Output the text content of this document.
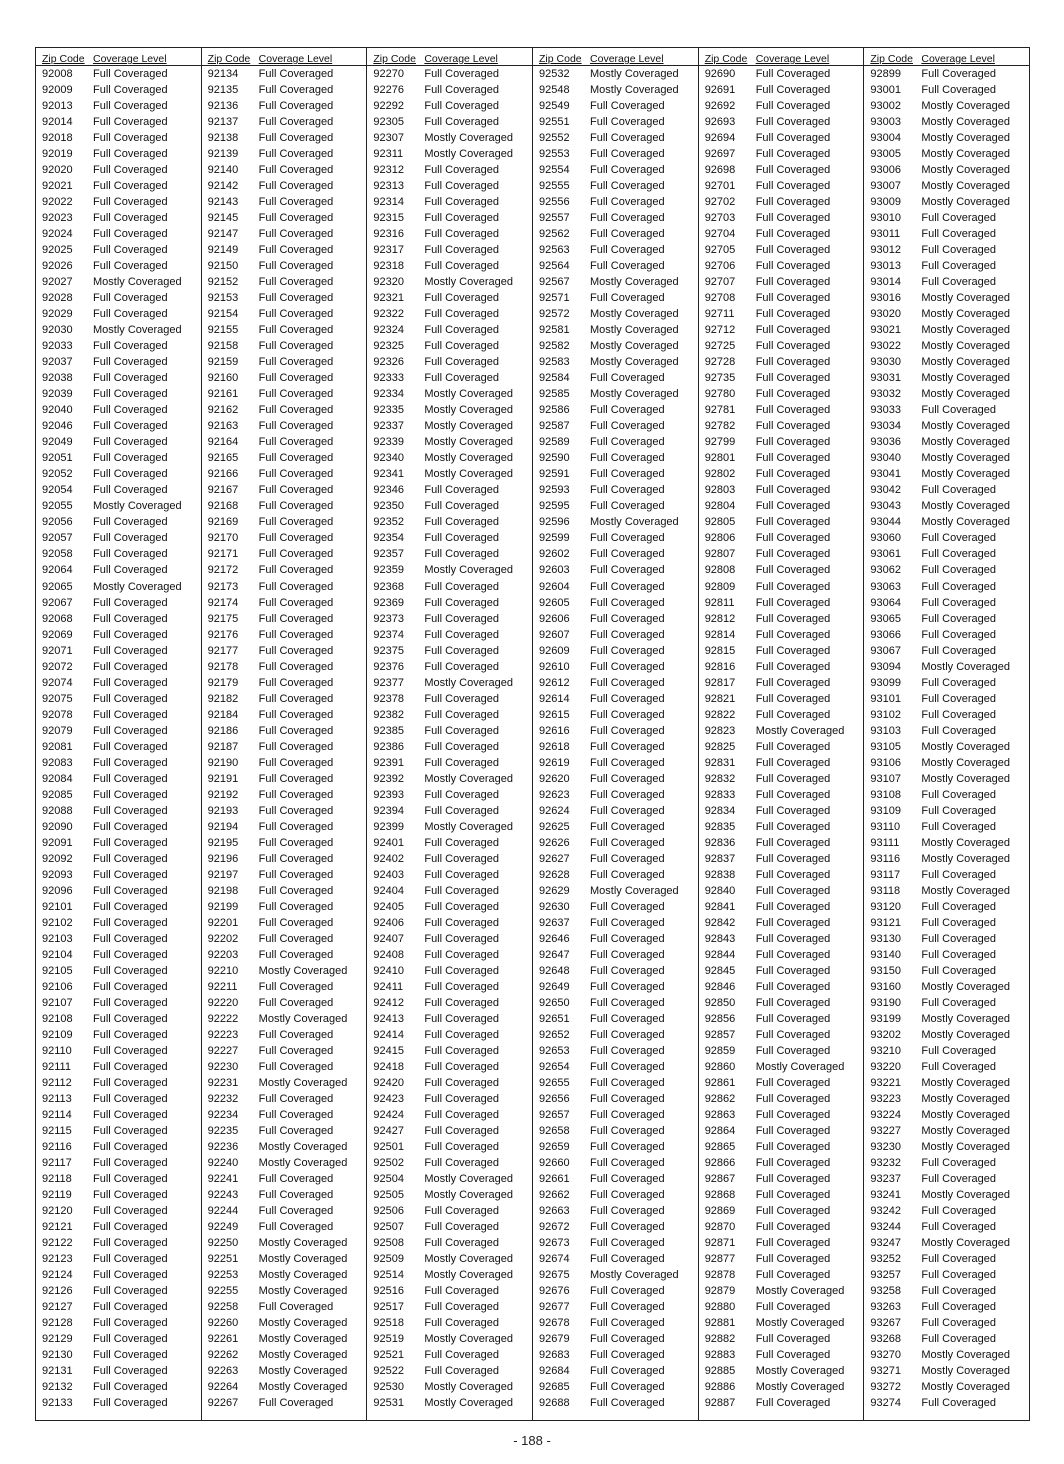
Zip Code Coverage Level
92008	Full Coveraged
92009	Full Coveraged
92013	Full Coveraged
92014	Full Coveraged
92018	Full Coveraged
92019	Full Coveraged
92020	Full Coveraged
92021	Full Coveraged
92022	Full Coveraged
92023	Full Coveraged
92024	Full Coveraged
92025	Full Coveraged
92026	Full Coveraged
92027	Mostly Coveraged
92028	Full Coveraged
92029	Full Coveraged
92030	Mostly Coveraged
92033	Full Coveraged
92037	Full Coveraged
92038	Full Coveraged
92039	Full Coveraged
92040	Full Coveraged
92046	Full Coveraged
92049	Full Coveraged
92051	Full Coveraged
92052	Full Coveraged
92054	Full Coveraged
92055	Mostly Coveraged
92056	Full Coveraged
92057	Full Coveraged
92058	Full Coveraged
92064	Full Coveraged
92065	Mostly Coveraged
92067	Full Coveraged
92068	Full Coveraged
92069	Full Coveraged
92071	Full Coveraged
92072	Full Coveraged
92074	Full Coveraged
92075	Full Coveraged
92078	Full Coveraged
92079	Full Coveraged
92081	Full Coveraged
92083	Full Coveraged
92084	Full Coveraged
92085	Full Coveraged
92088	Full Coveraged
92090	Full Coveraged
92091	Full Coveraged
92092	Full Coveraged
92093	Full Coveraged
92096	Full Coveraged
92101	Full Coveraged
92102	Full Coveraged
92103	Full Coveraged
92104	Full Coveraged
92105	Full Coveraged
92106	Full Coveraged
92107	Full Coveraged
92108	Full Coveraged
92109	Full Coveraged
92110	Full Coveraged
92111	Full Coveraged
92112	Full Coveraged
92113	Full Coveraged
92114	Full Coveraged
92115	Full Coveraged
92116	Full Coveraged
92117	Full Coveraged
92118	Full Coveraged
92119	Full Coveraged
92120	Full Coveraged
92121	Full Coveraged
92122	Full Coveraged
92123	Full Coveraged
92124	Full Coveraged
92126	Full Coveraged
92127	Full Coveraged
92128	Full Coveraged
92129	Full Coveraged
92130	Full Coveraged
92131	Full Coveraged
92132	Full Coveraged
92133	Full Coveraged
Zip Code Coverage Level
92134	Full Coveraged
92135	Full Coveraged
92136	Full Coveraged
92137	Full Coveraged
92138	Full Coveraged
92139	Full Coveraged
92140	Full Coveraged
92142	Full Coveraged
92143	Full Coveraged
92145	Full Coveraged
92147	Full Coveraged
92149	Full Coveraged
92150	Full Coveraged
92152	Full Coveraged
92153	Full Coveraged
92154	Full Coveraged
92155	Full Coveraged
92158	Full Coveraged
92159	Full Coveraged
92160	Full Coveraged
92161	Full Coveraged
92162	Full Coveraged
92163	Full Coveraged
92164	Full Coveraged
92165	Full Coveraged
92166	Full Coveraged
92167	Full Coveraged
92168	Full Coveraged
92169	Full Coveraged
92170	Full Coveraged
92171	Full Coveraged
92172	Full Coveraged
92173	Full Coveraged
92174	Full Coveraged
92175	Full Coveraged
92176	Full Coveraged
92177	Full Coveraged
92178	Full Coveraged
92179	Full Coveraged
92182	Full Coveraged
92184	Full Coveraged
92186	Full Coveraged
92187	Full Coveraged
92190	Full Coveraged
92191	Full Coveraged
92192	Full Coveraged
92193	Full Coveraged
92194	Full Coveraged
92195	Full Coveraged
92196	Full Coveraged
92197	Full Coveraged
92198	Full Coveraged
92199	Full Coveraged
92201	Full Coveraged
92202	Full Coveraged
92203	Full Coveraged
92210	Mostly Coveraged
92211	Full Coveraged
92220	Full Coveraged
92222	Mostly Coveraged
92223	Full Coveraged
92227	Full Coveraged
92230	Full Coveraged
92231	Mostly Coveraged
92232	Full Coveraged
92234	Full Coveraged
92235	Full Coveraged
92236	Mostly Coveraged
92240	Mostly Coveraged
92241	Full Coveraged
92243	Full Coveraged
92244	Full Coveraged
92249	Full Coveraged
92250	Mostly Coveraged
92251	Mostly Coveraged
92253	Mostly Coveraged
92255	Mostly Coveraged
92258	Full Coveraged
92260	Mostly Coveraged
92261	Mostly Coveraged
92262	Mostly Coveraged
92263	Mostly Coveraged
92264	Mostly Coveraged
92267	Full Coveraged
Zip Code Coverage Level
92270	Full Coveraged
92276	Full Coveraged
92292	Full Coveraged
92305	Full Coveraged
92307	Mostly Coveraged
92311	Mostly Coveraged
92312	Full Coveraged
92313	Full Coveraged
92314	Full Coveraged
92315	Full Coveraged
92316	Full Coveraged
92317	Full Coveraged
92318	Full Coveraged
92320	Mostly Coveraged
92321	Full Coveraged
92322	Full Coveraged
92324	Full Coveraged
92325	Full Coveraged
92326	Full Coveraged
92333	Full Coveraged
92334	Mostly Coveraged
92335	Mostly Coveraged
92337	Mostly Coveraged
92339	Mostly Coveraged
92340	Mostly Coveraged
92341	Mostly Coveraged
92346	Full Coveraged
92350	Full Coveraged
92352	Full Coveraged
92354	Full Coveraged
92357	Full Coveraged
92359	Mostly Coveraged
92368	Full Coveraged
92369	Full Coveraged
92373	Full Coveraged
92374	Full Coveraged
92375	Full Coveraged
92376	Full Coveraged
92377	Mostly Coveraged
92378	Full Coveraged
92382	Full Coveraged
92385	Full Coveraged
92386	Full Coveraged
92391	Full Coveraged
92392	Mostly Coveraged
92393	Full Coveraged
92394	Full Coveraged
92399	Mostly Coveraged
92401	Full Coveraged
92402	Full Coveraged
92403	Full Coveraged
92404	Full Coveraged
92405	Full Coveraged
92406	Full Coveraged
92407	Full Coveraged
92408	Full Coveraged
92410	Full Coveraged
92411	Full Coveraged
92412	Full Coveraged
92413	Full Coveraged
92414	Full Coveraged
92415	Full Coveraged
92418	Full Coveraged
92420	Full Coveraged
92423	Full Coveraged
92424	Full Coveraged
92427	Full Coveraged
92501	Full Coveraged
92502	Full Coveraged
92504	Mostly Coveraged
92505	Mostly Coveraged
92506	Full Coveraged
92507	Full Coveraged
92508	Full Coveraged
92509	Mostly Coveraged
92514	Mostly Coveraged
92516	Full Coveraged
92517	Full Coveraged
92518	Full Coveraged
92519	Mostly Coveraged
92521	Full Coveraged
92522	Full Coveraged
92530	Mostly Coveraged
92531	Mostly Coveraged
Zip Code Coverage Level
92532	Mostly Coveraged
92548	Mostly Coveraged
92549	Full Coveraged
92551	Full Coveraged
92552	Full Coveraged
92553	Full Coveraged
92554	Full Coveraged
92555	Full Coveraged
92556	Full Coveraged
92557	Full Coveraged
92562	Full Coveraged
92563	Full Coveraged
92564	Full Coveraged
92567	Mostly Coveraged
92571	Full Coveraged
92572	Mostly Coveraged
92581	Mostly Coveraged
92582	Mostly Coveraged
92583	Mostly Coveraged
92584	Full Coveraged
92585	Mostly Coveraged
92586	Full Coveraged
92587	Full Coveraged
92589	Full Coveraged
92590	Full Coveraged
92591	Full Coveraged
92593	Full Coveraged
92595	Full Coveraged
92596	Mostly Coveraged
92599	Full Coveraged
92602	Full Coveraged
92603	Full Coveraged
92604	Full Coveraged
92605	Full Coveraged
92606	Full Coveraged
92607	Full Coveraged
92609	Full Coveraged
92610	Full Coveraged
92612	Full Coveraged
92614	Full Coveraged
92615	Full Coveraged
92616	Full Coveraged
92618	Full Coveraged
92619	Full Coveraged
92620	Full Coveraged
92623	Full Coveraged
92624	Full Coveraged
92625	Full Coveraged
92626	Full Coveraged
92627	Full Coveraged
92628	Full Coveraged
92629	Mostly Coveraged
92630	Full Coveraged
92637	Full Coveraged
92646	Full Coveraged
92647	Full Coveraged
92648	Full Coveraged
92649	Full Coveraged
92650	Full Coveraged
92651	Full Coveraged
92652	Full Coveraged
92653	Full Coveraged
92654	Full Coveraged
92655	Full Coveraged
92656	Full Coveraged
92657	Full Coveraged
92658	Full Coveraged
92659	Full Coveraged
92660	Full Coveraged
92661	Full Coveraged
92662	Full Coveraged
92663	Full Coveraged
92672	Full Coveraged
92673	Full Coveraged
92674	Full Coveraged
92675	Mostly Coveraged
92676	Full Coveraged
92677	Full Coveraged
92678	Full Coveraged
92679	Full Coveraged
92683	Full Coveraged
92684	Full Coveraged
92685	Full Coveraged
92688	Full Coveraged
Zip Code Coverage Level
92690	Full Coveraged
92691	Full Coveraged
92692	Full Coveraged
92693	Full Coveraged
92694	Full Coveraged
92697	Full Coveraged
92698	Full Coveraged
92701	Full Coveraged
92702	Full Coveraged
92703	Full Coveraged
92704	Full Coveraged
92705	Full Coveraged
92706	Full Coveraged
92707	Full Coveraged
92708	Full Coveraged
92711	Full Coveraged
92712	Full Coveraged
92725	Full Coveraged
92728	Full Coveraged
92735	Full Coveraged
92780	Full Coveraged
92781	Full Coveraged
92782	Full Coveraged
92799	Full Coveraged
92801	Full Coveraged
92802	Full Coveraged
92803	Full Coveraged
92804	Full Coveraged
92805	Full Coveraged
92806	Full Coveraged
92807	Full Coveraged
92808	Full Coveraged
92809	Full Coveraged
92811	Full Coveraged
92812	Full Coveraged
92814	Full Coveraged
92815	Full Coveraged
92816	Full Coveraged
92817	Full Coveraged
92821	Full Coveraged
92822	Full Coveraged
92823	Mostly Coveraged
92825	Full Coveraged
92831	Full Coveraged
92832	Full Coveraged
92833	Full Coveraged
92834	Full Coveraged
92835	Full Coveraged
92836	Full Coveraged
92837	Full Coveraged
92838	Full Coveraged
92840	Full Coveraged
92841	Full Coveraged
92842	Full Coveraged
92843	Full Coveraged
92844	Full Coveraged
92845	Full Coveraged
92846	Full Coveraged
92850	Full Coveraged
92856	Full Coveraged
92857	Full Coveraged
92859	Full Coveraged
92860	Mostly Coveraged
92861	Full Coveraged
92862	Full Coveraged
92863	Full Coveraged
92864	Full Coveraged
92865	Full Coveraged
92866	Full Coveraged
92867	Full Coveraged
92868	Full Coveraged
92869	Full Coveraged
92870	Full Coveraged
92871	Full Coveraged
92877	Full Coveraged
92878	Full Coveraged
92879	Mostly Coveraged
92880	Full Coveraged
92881	Mostly Coveraged
92882	Full Coveraged
92883	Full Coveraged
92885	Mostly Coveraged
92886	Mostly Coveraged
92887	Full Coveraged
Zip Code Coverage Level
92899	Full Coveraged
93001	Full Coveraged
93002	Mostly Coveraged
93003	Mostly Coveraged
93004	Mostly Coveraged
93005	Mostly Coveraged
93006	Mostly Coveraged
93007	Mostly Coveraged
93009	Mostly Coveraged
93010	Full Coveraged
93011	Full Coveraged
93012	Full Coveraged
93013	Full Coveraged
93014	Full Coveraged
93016	Mostly Coveraged
93020	Mostly Coveraged
93021	Mostly Coveraged
93022	Mostly Coveraged
93030	Mostly Coveraged
93031	Mostly Coveraged
93032	Mostly Coveraged
93033	Full Coveraged
93034	Mostly Coveraged
93036	Mostly Coveraged
93040	Mostly Coveraged
93041	Mostly Coveraged
93042	Full Coveraged
93043	Mostly Coveraged
93044	Mostly Coveraged
93060	Full Coveraged
93061	Full Coveraged
93062	Full Coveraged
93063	Full Coveraged
93064	Full Coveraged
93065	Full Coveraged
93066	Full Coveraged
93067	Full Coveraged
93094	Mostly Coveraged
93099	Full Coveraged
93101	Full Coveraged
93102	Full Coveraged
93103	Full Coveraged
93105	Mostly Coveraged
93106	Mostly Coveraged
93107	Mostly Coveraged
93108	Full Coveraged
93109	Full Coveraged
93110	Full Coveraged
93111	Mostly Coveraged
93116	Mostly Coveraged
93117	Full Coveraged
93118	Mostly Coveraged
93120	Full Coveraged
93121	Full Coveraged
93130	Full Coveraged
93140	Full Coveraged
93150	Full Coveraged
93160	Mostly Coveraged
93190	Full Coveraged
93199	Mostly Coveraged
93202	Mostly Coveraged
93210	Full Coveraged
93220	Full Coveraged
93221	Mostly Coveraged
93223	Mostly Coveraged
93224	Mostly Coveraged
93227	Mostly Coveraged
93230	Mostly Coveraged
93232	Full Coveraged
93237	Full Coveraged
93241	Mostly Coveraged
93242	Full Coveraged
93244	Full Coveraged
93247	Mostly Coveraged
93252	Full Coveraged
93257	Full Coveraged
93258	Full Coveraged
93263	Full Coveraged
93267	Full Coveraged
93268	Full Coveraged
93270	Mostly Coveraged
93271	Mostly Coveraged
93272	Mostly Coveraged
93274	Full Coveraged
- 188 -
